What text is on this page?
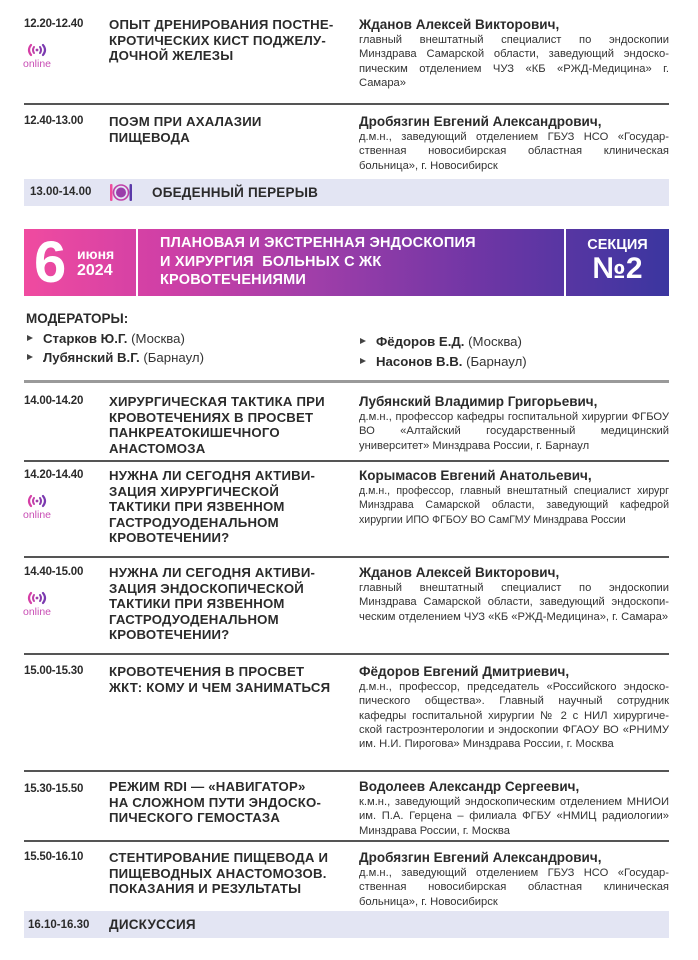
12.20-12.40	ОПЫТ ДРЕНИРОВАНИЯ ПОСТНЕ-
КРОТИЧЕСКИХ КИСТ ПОДЖЕЛУ-
ДОЧНОЙ ЖЕЛЕЗЫ
Жданов Алексей Викторович,
главный внештатный специалист по эндоскопии Минздрава Самарской области, заведующий эндоско-пическим отделением ЧУЗ «КБ «РЖД-Медицина» г. Самара»
online
12.40-13.00	ПОЭМ ПРИ АХАЛАЗИИ
ПИЩЕВОДА
Дробязгин Евгений Александрович,
д.м.н., заведующий отделением ГБУЗ НСО «Государ-ственная новосибирская областная клиническая больница», г. Новосибирск
13.00-14.00	ОБЕДЕННЫЙ ПЕРЕРЫВ
6 июня
2024
ПЛАНОВАЯ И ЭКСТРЕННАЯ ЭНДОСКОПИЯ
И ХИРУРГИЯ  БОЛЬНЫХ С ЖК
КРОВОТЕЧЕНИЯМИ
СЕКЦИЯ
№2
МОДЕРАТОРЫ:
Старков Ю.Г. (Москва)
Лубянский В.Г. (Барнаул)
Фёдоров Е.Д. (Москва)
Насонов В.В. (Барнаул)
14.00-14.20	ХИРУРГИЧЕСКАЯ ТАКТИКА ПРИ
КРОВОТЕЧЕНИЯХ В ПРОСВЕТ
ПАНКРЕАТОКИШЕЧНОГО
АНАСТОМОЗА
Лубянский Владимир Григорьевич,
д.м.н., профессор кафедры госпитальной хирургии ФГБОУ ВО «Алтайский государственный медицинский университет» Минздрава России, г. Барнаул
14.20-14.40	НУЖНА ЛИ СЕГОДНЯ АКТИВИ-
ЗАЦИЯ ХИРУРГИЧЕСКОЙ
ТАКТИКИ ПРИ ЯЗВЕННОМ
ГАСТРОДУОДЕНАЛЬНОМ
КРОВОТЕЧЕНИИ?
Корымасов Евгений Анатольевич,
д.м.н., профессор, главный внештатный специалист хирург Минздрава Самарской области, заведующий кафедрой хирургии ИПО ФГБОУ ВО СамГМУ Минздрава России
online
14.40-15.00	НУЖНА ЛИ СЕГОДНЯ АКТИВИ-
ЗАЦИЯ ЭНДОСКОПИЧЕСКОЙ
ТАКТИКИ ПРИ ЯЗВЕННОМ
ГАСТРОДУОДЕНАЛЬНОМ
КРОВОТЕЧЕНИИ?
Жданов Алексей Викторович,
главный внештатный специалист по эндоскопии Минздрава Самарской области, заведующий эндоскопи-ческим отделением ЧУЗ «КБ «РЖД-Медицина», г. Самара»
online
15.00-15.30	КРОВОТЕЧЕНИЯ В ПРОСВЕТ
ЖКТ: КОМУ И ЧЕМ ЗАНИМАТЬСЯ
Фёдоров Евгений Дмитриевич,
д.м.н., профессор, председатель «Российского эндоско-пического общества». Главный научный сотрудник кафедры госпитальной хирургии № 2 с НИЛ хирургиче-ской гастроэнтерологии и эндоскопии ФГАОУ ВО «РНИМУ им. Н.И. Пирогова» Минздрава России, г. Москва
15.30-15.50	РЕЖИМ RDI — «НАВИГАТОР»
НА СЛОЖНОМ ПУТИ ЭНДОСКО-
ПИЧЕСКОГО ГЕМОСТАЗА
Водолеев Александр Сергеевич,
к.м.н., заведующий эндоскопическим отделением МНИОИ им. П.А. Герцена – филиала ФГБУ «НМИЦ радиологии» Минздрава России, г. Москва
15.50-16.10	СТЕНТИРОВАНИЕ ПИЩЕВОДА И
ПИЩЕВОДНЫХ АНАСТОМОЗОВ.
ПОКАЗАНИЯ И РЕЗУЛЬТАТЫ
Дробязгин Евгений Александрович,
д.м.н., заведующий отделением ГБУЗ НСО «Государ-ственная новосибирская областная клиническая больница», г. Новосибирск
16.10-16.30 ДИСКУССИЯ
